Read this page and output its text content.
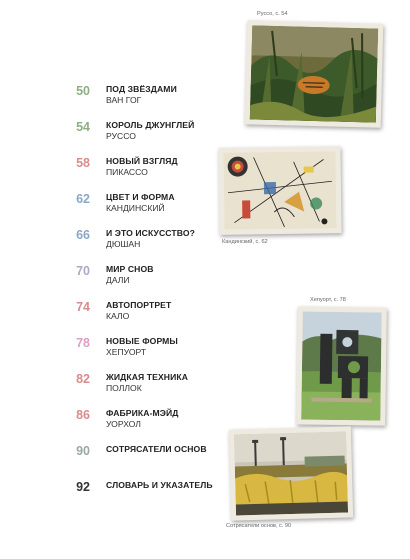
50 ПОД ЗВЁЗДАМИ
ВАН ГОГ
54 КОРОЛЬ ДЖУНГЛЕЙ
РУССО
58 НОВЫЙ ВЗГЛЯД
ПИКАССО
62 ЦВЕТ И ФОРМА
КАНДИНСКИЙ
66 И ЭТО ИСКУССТВО?
ДЮШАН
70 МИР СНОВ
ДАЛИ
74 АВТОПОРТРЕТ
КАЛО
78 НОВЫЕ ФОРМЫ
ХЕПУОРТ
82 ЖИДКАЯ ТЕХНИКА
ПОЛЛОК
86 ФАБРИКА-МЭЙД
УОРХОЛ
90 СОТРЯСАТЕЛИ ОСНОВ
92 СЛОВАРЬ И УКАЗАТЕЛЬ
Руссо, с. 54
Кандинский, с. 62
Хепуорт, с. 78
Сотрясатели основ, с. 90
